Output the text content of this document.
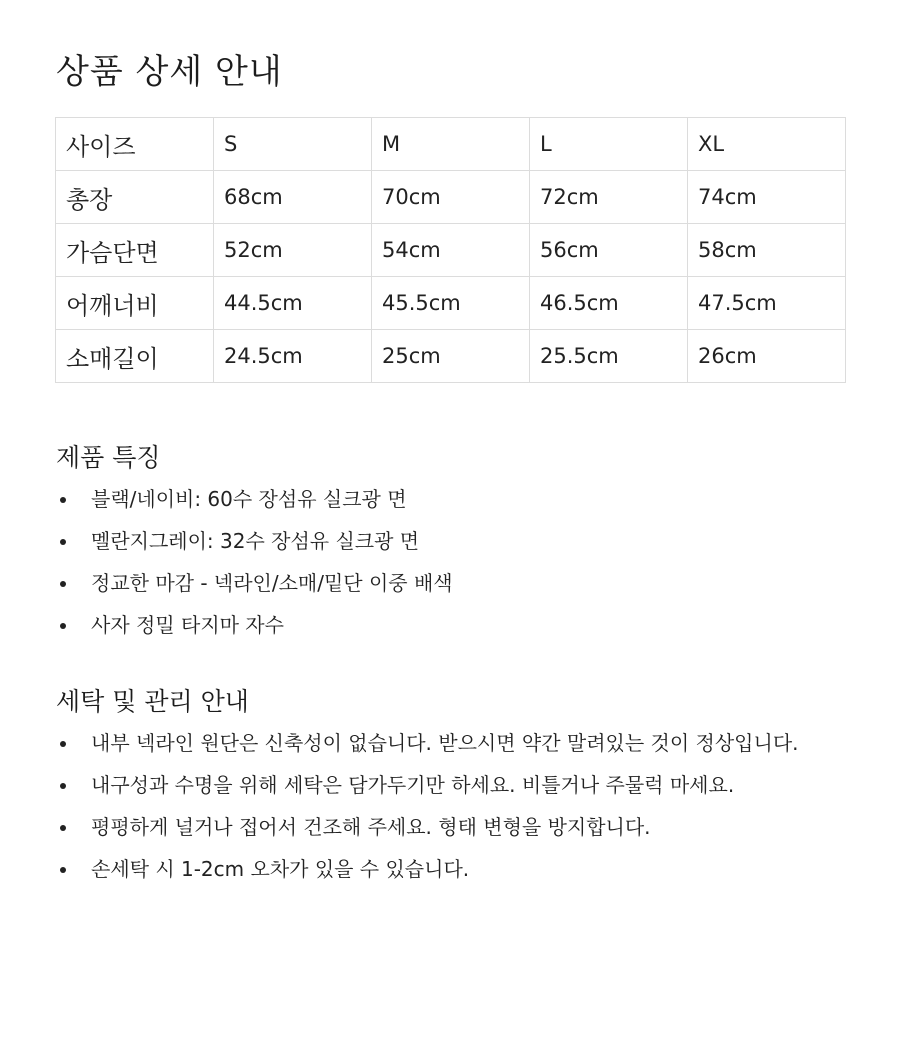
상품 상세 안내
사이즈	S	M	L	XL
총장	68cm	70cm	72cm	74cm
가슴단면	52cm	54cm	56cm	58cm
어깨너비	44.5cm	45.5cm	46.5cm	47.5cm
소매길이	24.5cm	25cm	25.5cm	26cm
제품 특징
블랙/네이비: 60수 장섬유 실크광 면
멜란지그레이: 32수 장섬유 실크광 면
정교한 마감 - 넥라인/소매/밑단 이중 배색
사자 정밀 타지마 자수
세탁 및 관리 안내
내부 넥라인 원단은 신축성이 없습니다. 받으시면 약간 말려있는 것이 정상입니다.
내구성과 수명을 위해 세탁은 담가두기만 하세요. 비틀거나 주물럭 마세요.
평평하게 널거나 접어서 건조해 주세요. 형태 변형을 방지합니다.
손세탁 시 1-2cm 오차가 있을 수 있습니다.
